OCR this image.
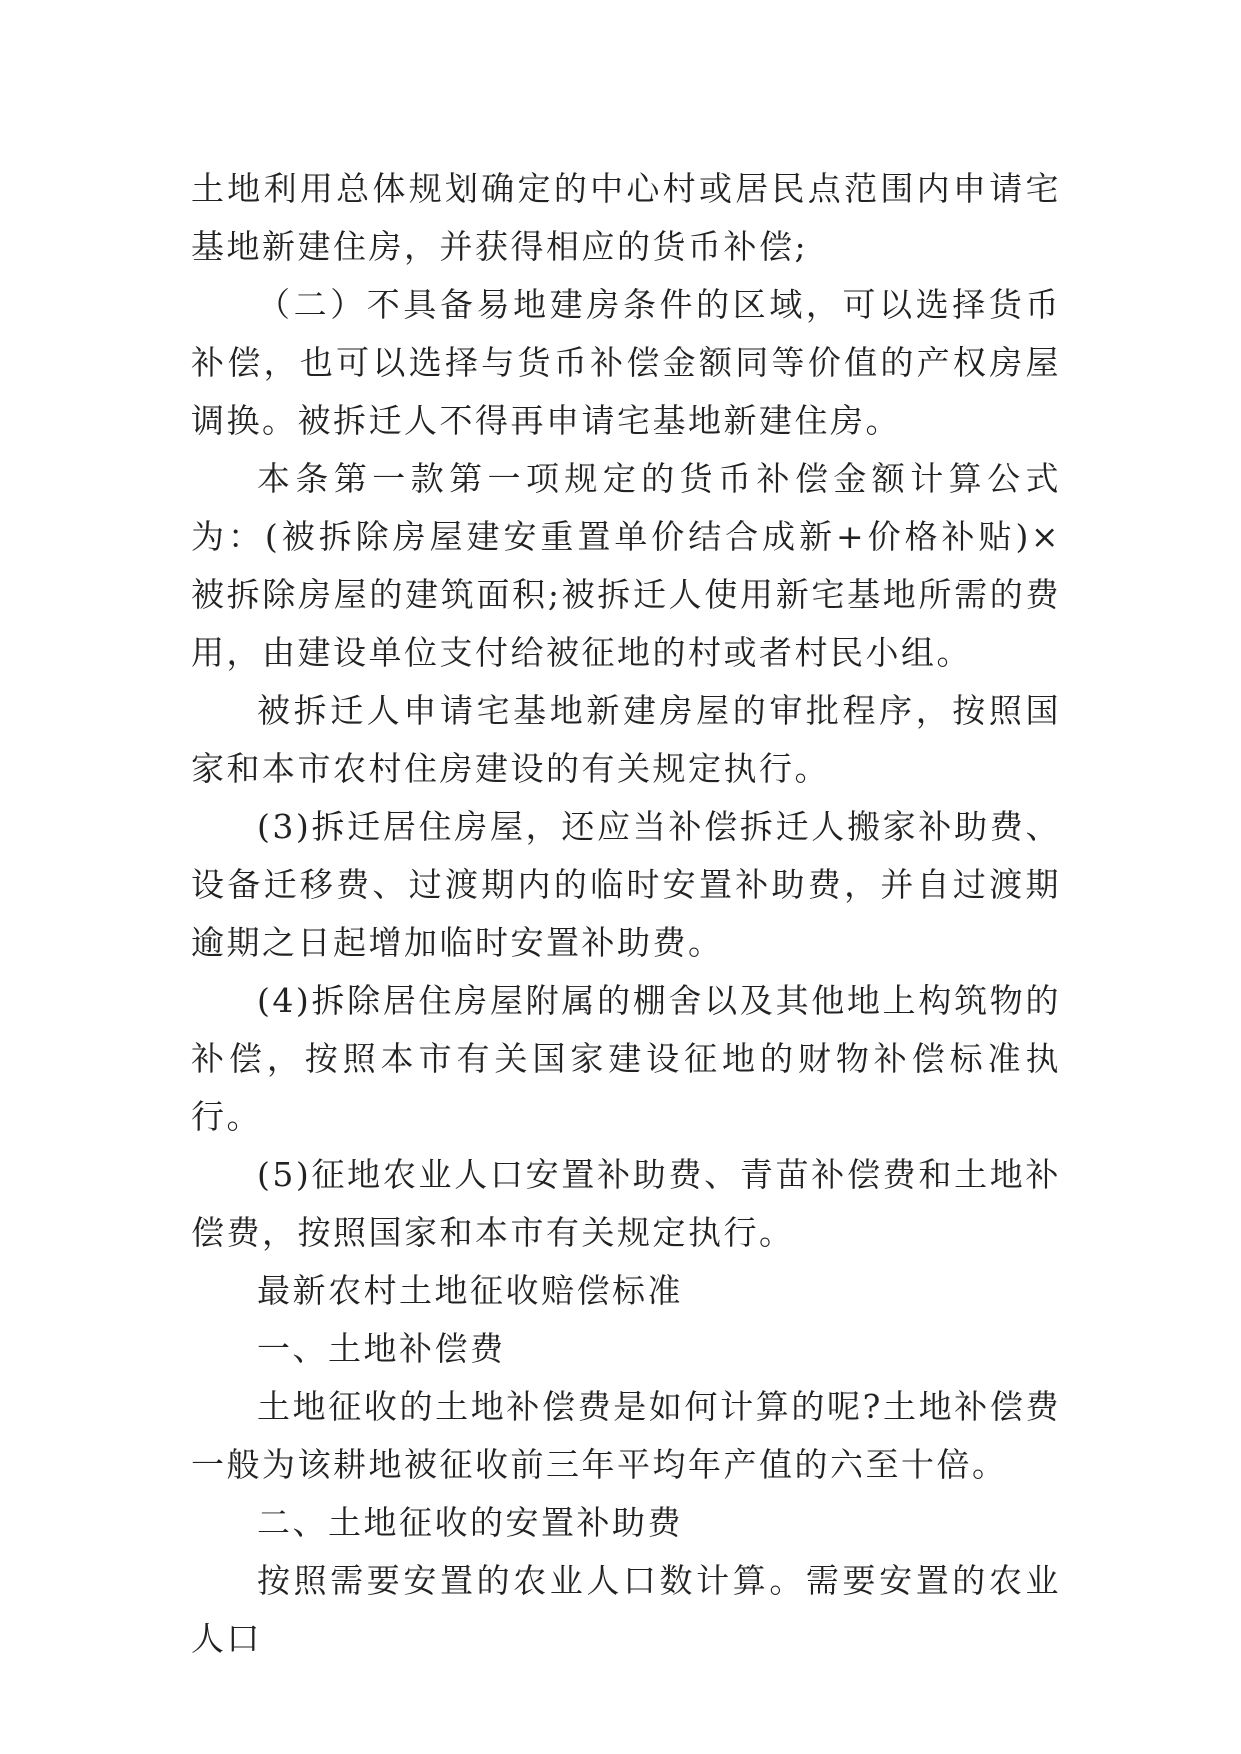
土地利用总体规划确定的中心村或居民点范围内申请宅基地新建住房，并获得相应的货币补偿;

（二）不具备易地建房条件的区域，可以选择货币补偿，也可以选择与货币补偿金额同等价值的产权房屋调换。被拆迁人不得再申请宅基地新建住房。

本条第一款第一项规定的货币补偿金额计算公式为：(被拆除房屋建安重置单价结合成新+价格补贴)×被拆除房屋的建筑面积;被拆迁人使用新宅基地所需的费用，由建设单位支付给被征地的村或者村民小组。

被拆迁人申请宅基地新建房屋的审批程序，按照国家和本市农村住房建设的有关规定执行。

(3)拆迁居住房屋，还应当补偿拆迁人搬家补助费、设备迁移费、过渡期内的临时安置补助费，并自过渡期逾期之日起增加临时安置补助费。

(4)拆除居住房屋附属的棚舍以及其他地上构筑物的补偿，按照本市有关国家建设征地的财物补偿标准执行。

(5)征地农业人口安置补助费、青苗补偿费和土地补偿费，按照国家和本市有关规定执行。

最新农村土地征收赔偿标准

一、土地补偿费

土地征收的土地补偿费是如何计算的呢?土地补偿费一般为该耕地被征收前三年平均年产值的六至十倍。

二、土地征收的安置补助费

按照需要安置的农业人口数计算。需要安置的农业人口
